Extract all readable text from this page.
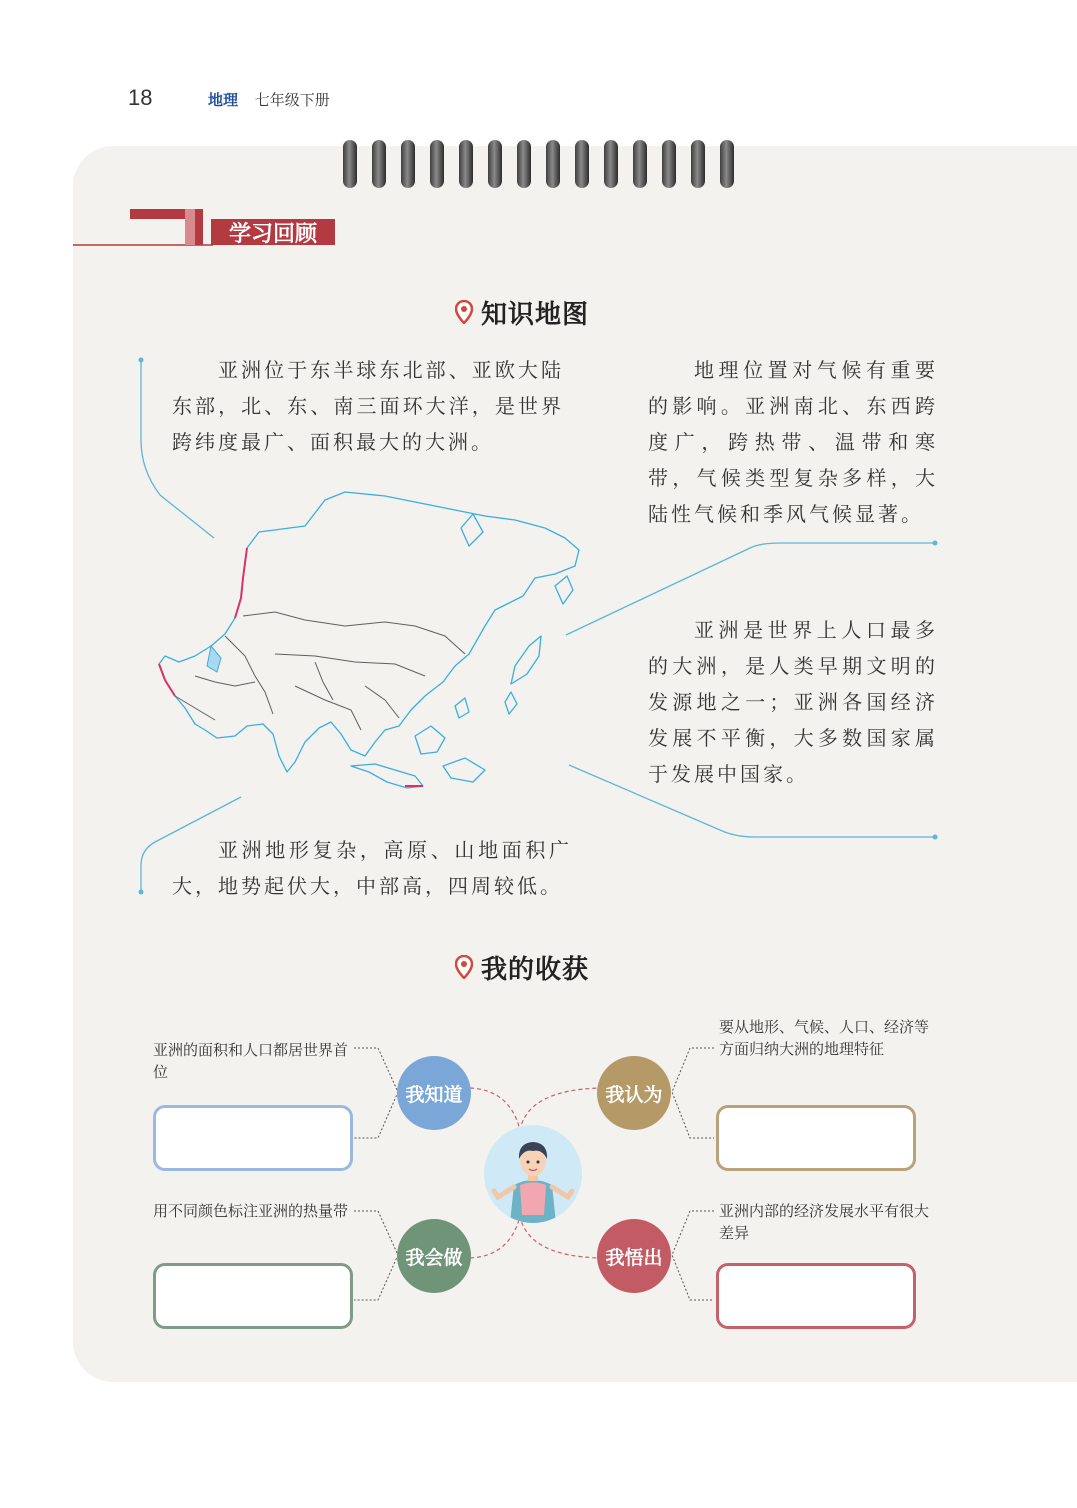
18	地理 七年级下册
学习回顾
知识地图

亚洲位于东半球东北部、亚欧大陆东部，北、东、南三面环大洋，是世界跨纬度最广、面积最大的大洲。

地理位置对气候有重要的影响。亚洲南北、东西跨度广，跨热带、温带和寒带，气候类型复杂多样，大陆性气候和季风气候显著。

亚洲是世界上人口最多的大洲，是人类早期文明的发源地之一；亚洲各国经济发展不平衡，大多数国家属于发展中国家。

亚洲地形复杂，高原、山地面积广大，地势起伏大，中部高，四周较低。

我的收获

亚洲的面积和人口都居世界首位

要从地形、气候、人口、经济等方面归纳大洲的地理特征

用不同颜色标注亚洲的热量带	亚洲内部的经济发展水平有很大差异

我知道	我认为
我会做	我悟出
